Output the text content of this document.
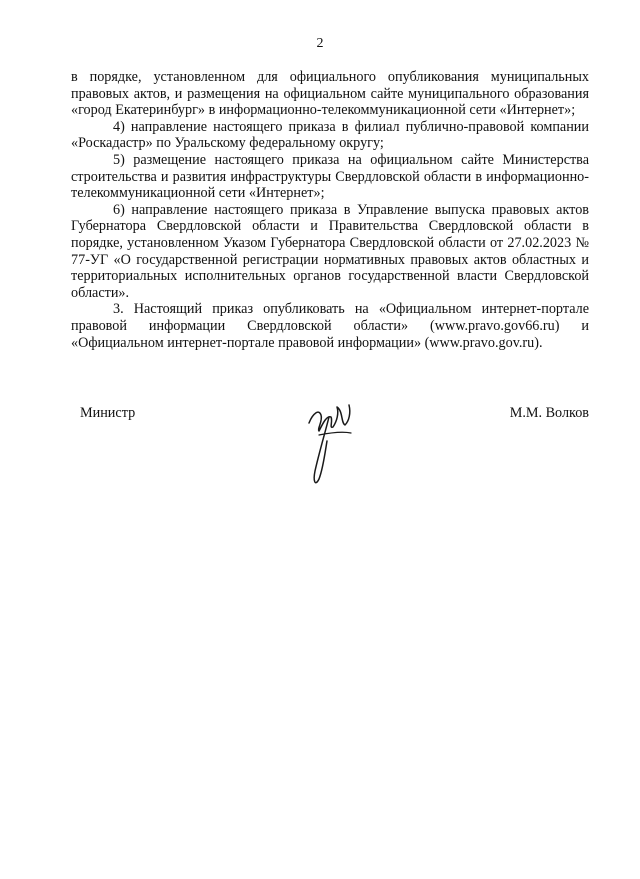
2

в порядке, установленном для официального опубликования муниципальных правовых актов, и размещения на официальном сайте муниципального образования «город Екатеринбург» в информационно-телекоммуникационной сети «Интернет»;

4) направление настоящего приказа в филиал публично-правовой компании «Роскадастр» по Уральскому федеральному округу;

5) размещение настоящего приказа на официальном сайте Министерства строительства и развития инфраструктуры Свердловской области в информационно-телекоммуникационной сети «Интернет»;

6) направление настоящего приказа в Управление выпуска правовых актов Губернатора Свердловской области и Правительства Свердловской области в порядке, установленном Указом Губернатора Свердловской области от 27.02.2023 № 77-УГ «О государственной регистрации нормативных правовых актов областных и территориальных исполнительных органов государственной власти Свердловской области».

3. Настоящий приказ опубликовать на «Официальном интернет-портале правовой информации Свердловской области» (www.pravo.gov66.ru) и «Официальном интернет-портале правовой информации» (www.pravo.gov.ru).

Министр	М.М. Волков
